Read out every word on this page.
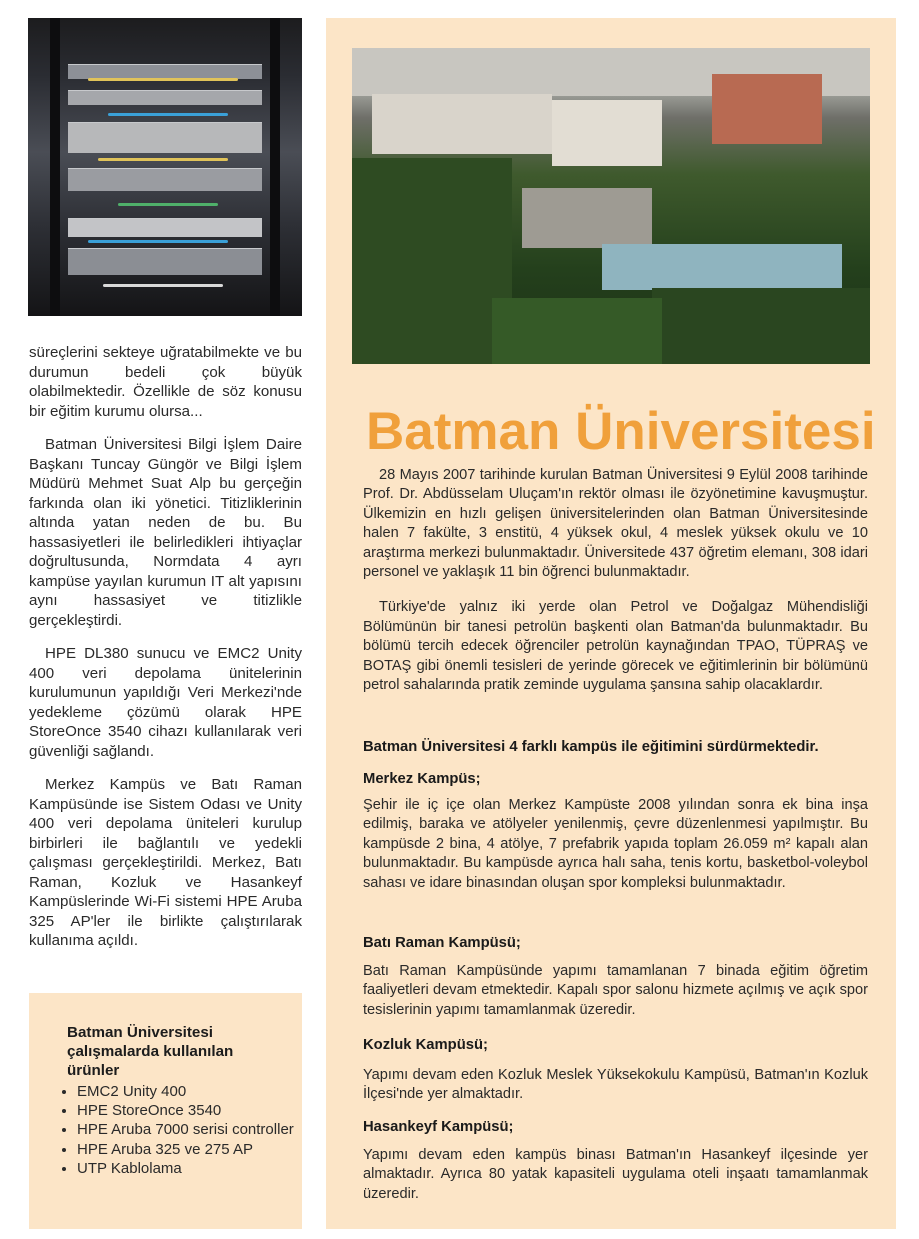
süreçlerini sekteye uğratabilmekte ve bu durumun bedeli çok büyük olabilmektedir. Özellikle de söz konusu bir eğitim kurumu olursa...

Batman Üniversitesi Bilgi İşlem Daire Başkanı Tuncay Güngör ve Bilgi İşlem Müdürü Mehmet Suat Alp bu gerçeğin farkında olan iki yönetici. Titizliklerinin altında yatan neden de bu. Bu hassasiyetleri ile belirledikleri ihtiyaçlar doğrultusunda, Normdata 4 ayrı kampüse yayılan kurumun IT alt yapısını aynı hassasiyet ve titizlikle gerçekleştirdi.

HPE DL380 sunucu ve EMC2 Unity 400 veri depolama ünitelerinin kurulumunun yapıldığı Veri Merkezi'nde yedekleme çözümü olarak HPE StoreOnce 3540 cihazı kullanılarak veri güvenliği sağlandı.

Merkez Kampüs ve Batı Raman Kampüsünde ise Sistem Odası ve Unity 400 veri depolama üniteleri kurulup birbirleri ile bağlantılı ve yedekli çalışması gerçekleştirildi. Merkez, Batı Raman, Kozluk ve Hasankeyf Kampüslerinde Wi-Fi sistemi HPE Aruba 325 AP'ler ile birlikte çalıştırılarak kullanıma açıldı.

Batman Üniversitesi çalışmalarda kullanılan ürünler
• EMC2 Unity 400
• HPE StoreOnce 3540
• HPE Aruba 7000 serisi controller
• HPE Aruba 325 ve 275 AP
• UTP Kablolama
Batman Üniversitesi

28 Mayıs 2007 tarihinde kurulan Batman Üniversitesi 9 Eylül 2008 tarihinde Prof. Dr. Abdüsselam Uluçam'ın rektör olması ile özyönetimine kavuşmuştur. Ülkemizin en hızlı gelişen üniversitelerinden olan Batman Üniversitesinde halen 7 fakülte, 3 enstitü, 4 yüksek okul, 4 meslek yüksek okulu ve 10 araştırma merkezi bulunmaktadır. Üniversitede 437 öğretim elemanı, 308 idari personel ve yaklaşık 11 bin öğrenci bulunmaktadır.

Türkiye'de yalnız iki yerde olan Petrol ve Doğalgaz Mühendisliği Bölümünün bir tanesi petrolün başkenti olan Batman'da bulunmaktadır. Bu bölümü tercih edecek öğrenciler petrolün kaynağından TPAO, TÜPRAŞ ve BOTAŞ gibi önemli tesisleri de yerinde görecek ve eğitimlerinin bir bölümünü petrol sahalarında pratik zeminde uygulama şansına sahip olacaklardır.

Batman Üniversitesi 4 farklı kampüs ile eğitimini sürdürmektedir.
Merkez Kampüs;

Şehir ile iç içe olan Merkez Kampüste 2008 yılından sonra ek bina inşa edilmiş, baraka ve atölyeler yenilenmiş, çevre düzenlenmesi yapılmıştır. Bu kampüsde 2 bina, 4 atölye, 7 prefabrik yapıda toplam 26.059 m² kapalı alan bulunmaktadır. Bu kampüsde ayrıca halı saha, tenis kortu, basketbol-voleybol sahası ve idare binasından oluşan spor kompleksi bulunmaktadır.

Batı Raman Kampüsü;

Batı Raman Kampüsünde yapımı tamamlanan 7 binada eğitim öğretim faaliyetleri devam etmektedir. Kapalı spor salonu hizmete açılmış ve açık spor tesislerinin yapımı tamamlanmak üzeredir.

Kozluk Kampüsü;

Yapımı devam eden Kozluk Meslek Yüksekokulu Kampüsü, Batman'ın Kozluk İlçesi'nde yer almaktadır.

Hasankeyf Kampüsü;

Yapımı devam eden kampüs binası Batman'ın Hasankeyf ilçesinde yer almaktadır. Ayrıca 80 yatak kapasiteli uygulama oteli inşaatı tamamlanmak üzeredir.
